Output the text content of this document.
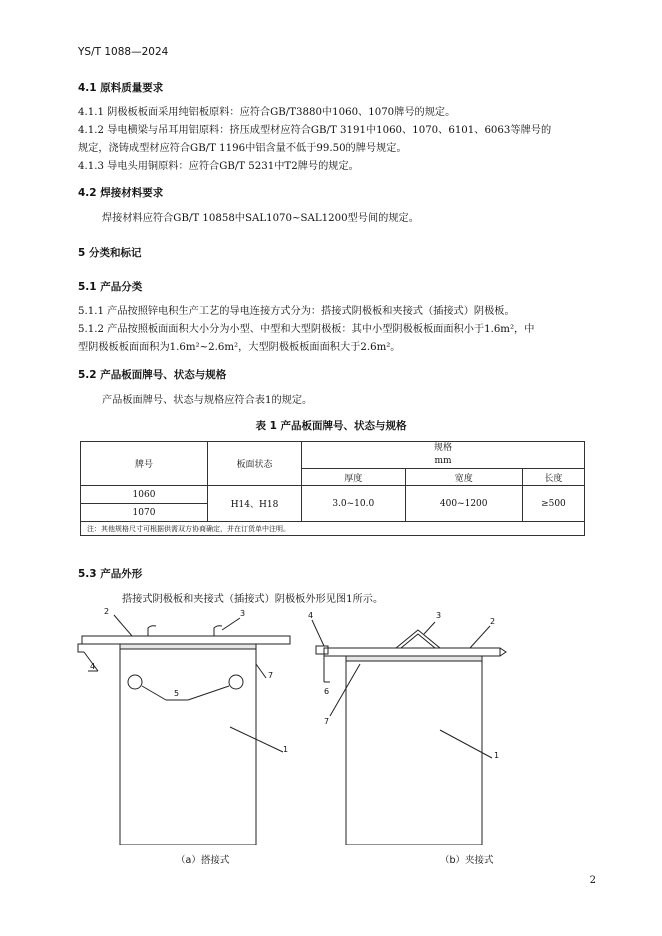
YS/T 1088—2024
4.1 原料质量要求
4.1.1 阴极板板面采用纯铝板原料：应符合GB/T3880中1060、1070牌号的规定。
4.1.2 导电横梁与吊耳用铝原料：挤压成型材应符合GB/T 3191中1060、1070、6101、6063等牌号的
规定，浇铸成型材应符合GB/T 1196中铝含量不低于99.50的牌号规定。
4.1.3 导电头用铜原料：应符合GB/T 5231中T2牌号的规定。
4.2 焊接材料要求
焊接材料应符合GB/T 10858中SAL1070~SAL1200型号间的规定。
5 分类和标记
5.1 产品分类
5.1.1 产品按照锌电积生产工艺的导电连接方式分为：搭接式阴极板和夹接式（插接式）阴极板。
5.1.2 产品按照板面面积大小分为小型、中型和大型阴极板：其中小型阴极板板面面积小于1.6m²，中
型阴极板板面面积为1.6m²~2.6m²，大型阴极板板面面积大于2.6m²。
5.2 产品板面牌号、状态与规格
产品板面牌号、状态与规格应符合表1的规定。
表 1 产品板面牌号、状态与规格
牌号	板面状态	规格
mm		

		厚度	宽度	长度
1060	H14、H18	3.0~10.0	400~1200	≥500
1070				
注：其他规格尺寸可根据供需双方协商确定，并在订货单中注明。				
5.3 产品外形
搭接式阴极板和夹接式（插接式）阴极板外形见图1所示。
2	3
4
5
7
1
4	3
2
6
7
1
（a）搭接式	（b）夹接式
2
